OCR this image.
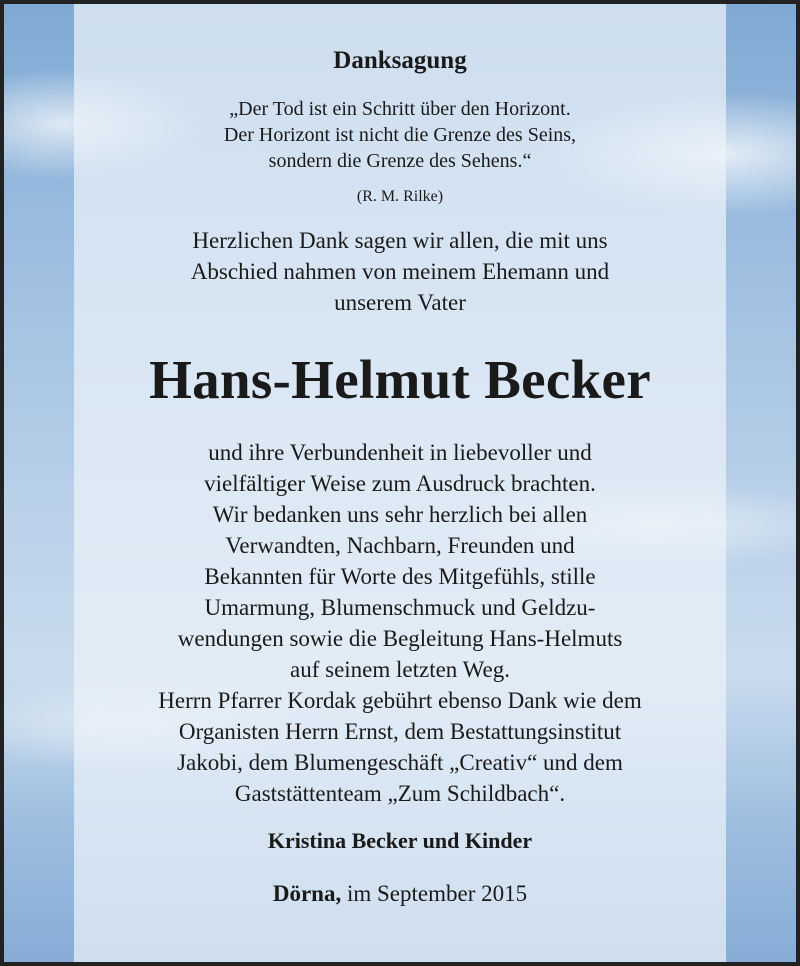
Danksagung
„Der Tod ist ein Schritt über den Horizont.
Der Horizont ist nicht die Grenze des Seins,
sondern die Grenze des Sehens.“
(R. M. Rilke)
Herzlichen Dank sagen wir allen, die mit uns
Abschied nahmen von meinem Ehemann und
unserem Vater
Hans-Helmut Becker
und ihre Verbundenheit in liebevoller und
vielfältiger Weise zum Ausdruck brachten.
Wir bedanken uns sehr herzlich bei allen
Verwandten, Nachbarn, Freunden und
Bekannten für Worte des Mitgefühls, stille
Umarmung, Blumenschmuck und Geldzu-
wendungen sowie die Begleitung Hans-Helmuts
auf seinem letzten Weg.
Herrn Pfarrer Kordak gebührt ebenso Dank wie dem
Organisten Herrn Ernst, dem Bestattungsinstitut
Jakobi, dem Blumengeschäft „Creativ“ und dem
Gaststättenteam „Zum Schildbach“.
Kristina Becker und Kinder
Dörna, im September 2015
